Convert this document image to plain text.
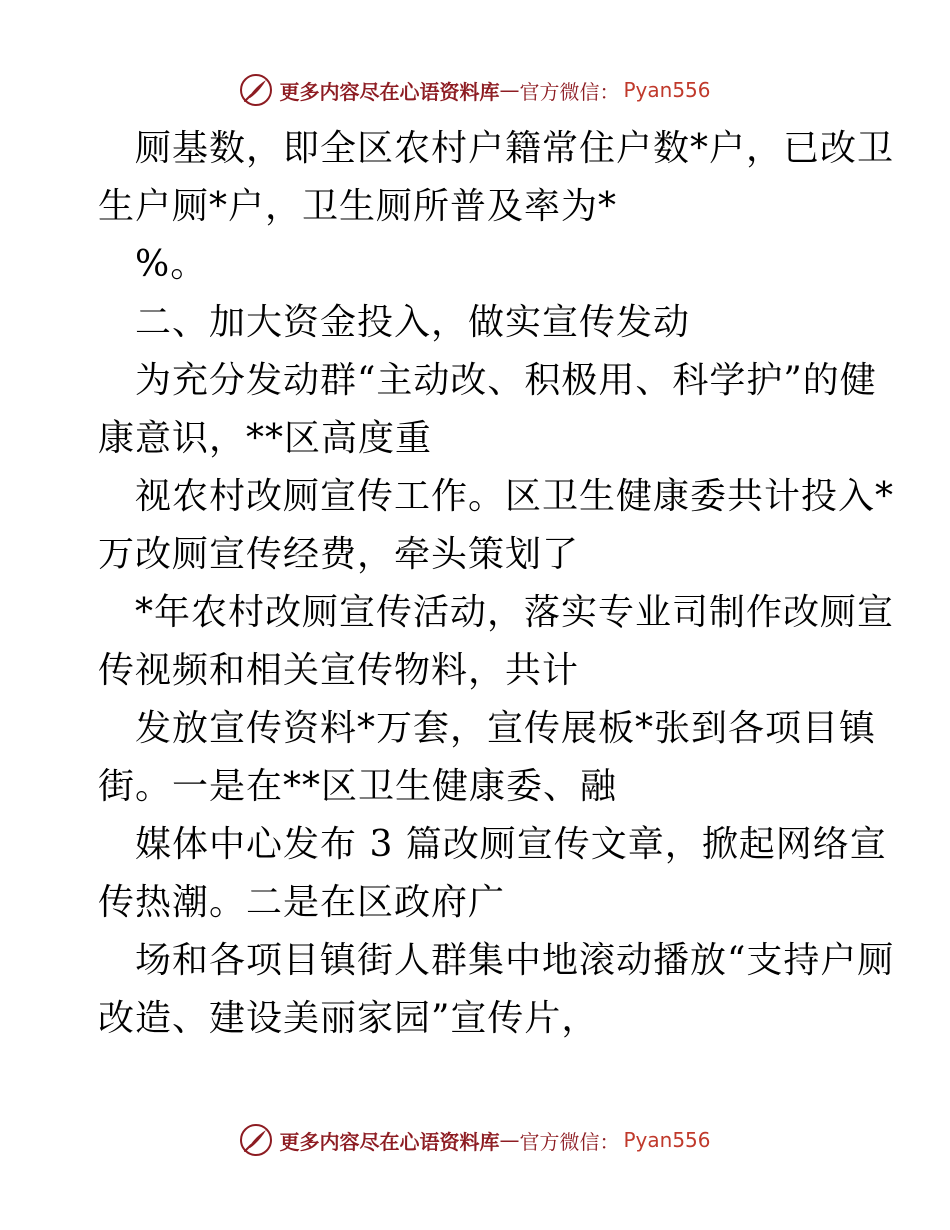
更多内容尽在心语资料库 — 官方微信： Pyan556
厕基数，即全区农村户籍常住户数*户，已改卫
生户厕*户，卫生厕所普及率为*
%。
二、加大资金投入，做实宣传发动
为充分发动群“主动改、积极用、科学护”的健
康意识，**区高度重
视农村改厕宣传工作。区卫生健康委共计投入*
万改厕宣传经费，牵头策划了
*年农村改厕宣传活动，落实专业司制作改厕宣
传视频和相关宣传物料，共计
发放宣传资料*万套，宣传展板*张到各项目镇
街。一是在**区卫生健康委、融
媒体中心发布 3 篇改厕宣传文章，掀起网络宣
传热潮。二是在区政府广
场和各项目镇街人群集中地滚动播放“支持户厕
改造、建设美丽家园”宣传片，
更多内容尽在心语资料库 — 官方微信： Pyan556
